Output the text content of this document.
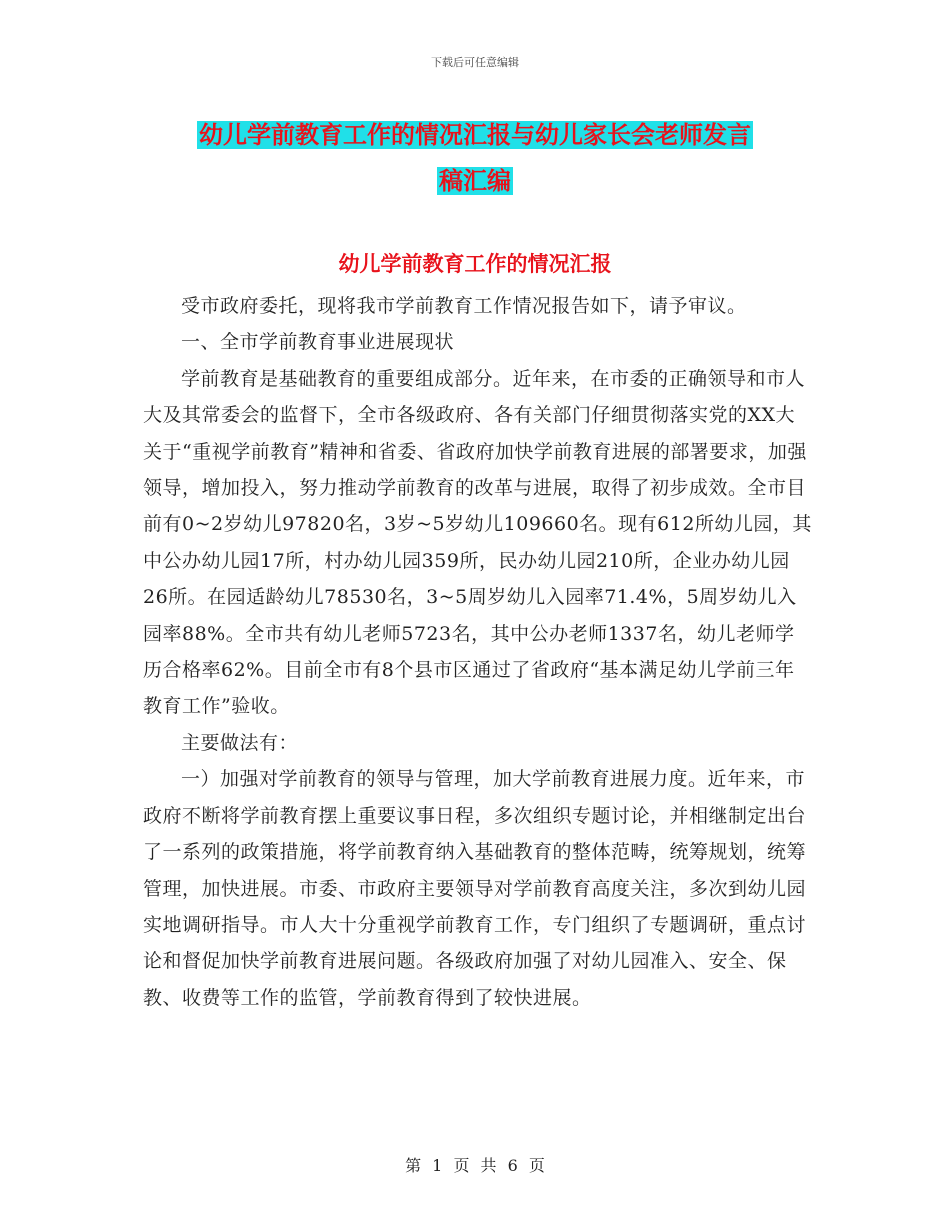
下载后可任意编辑
幼儿学前教育工作的情况汇报与幼儿家长会老师发言
稿汇编
幼儿学前教育工作的情况汇报

受市政府委托，现将我市学前教育工作情况报告如下，请予审议。

一、全市学前教育事业进展现状

学前教育是基础教育的重要组成部分。近年来，在市委的正确领导和市人大及其常委会的监督下，全市各级政府、各有关部门仔细贯彻落实党的XX大关于“重视学前教育”精神和省委、省政府加快学前教育进展的部署要求，加强领导，增加投入，努力推动学前教育的改革与进展，取得了初步成效。全市目前有0~2岁幼儿97820名，3岁~5岁幼儿109660名。现有612所幼儿园，其中公办幼儿园17所，村办幼儿园359所，民办幼儿园210所，企业办幼儿园26所。在园适龄幼儿78530名，3~5周岁幼儿入园率71.4%，5周岁幼儿入园率88%。全市共有幼儿老师5723名，其中公办老师1337名，幼儿老师学历合格率62%。目前全市有8个县市区通过了省政府“基本满足幼儿学前三年教育工作”验收。

主要做法有：

一）加强对学前教育的领导与管理，加大学前教育进展力度。近年来，市政府不断将学前教育摆上重要议事日程，多次组织专题讨论，并相继制定出台了一系列的政策措施，将学前教育纳入基础教育的整体范畴，统筹规划，统筹管理，加快进展。市委、市政府主要领导对学前教育高度关注，多次到幼儿园实地调研指导。市人大十分重视学前教育工作，专门组织了专题调研，重点讨论和督促加快学前教育进展问题。各级政府加强了对幼儿园准入、安全、保教、收费等工作的监管，学前教育得到了较快进展。

第 1 页 共 6 页
